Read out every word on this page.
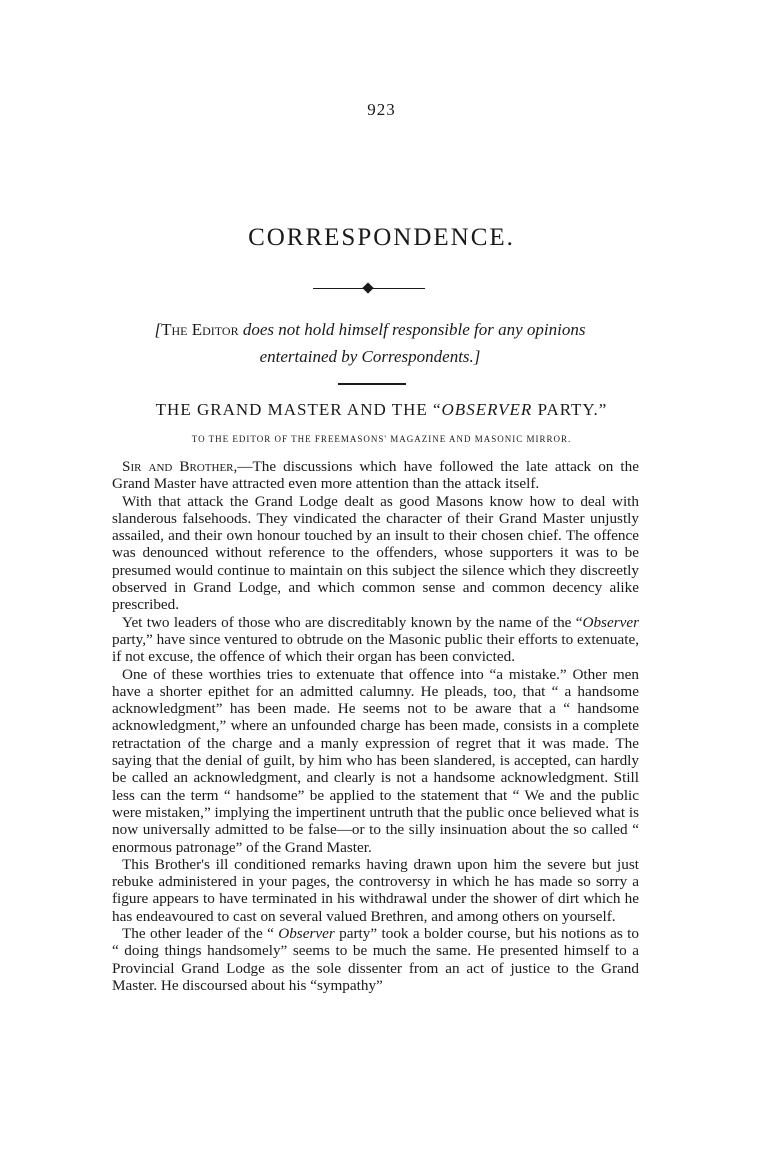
923
CORRESPONDENCE.
[The Editor does not hold himself responsible for any opinions entertained by Correspondents.]
THE GRAND MASTER AND THE “OBSERVER PARTY.”
TO THE EDITOR OF THE FREEMASONS' MAGAZINE AND MASONIC MIRROR.

Sir and Brother,—The discussions which have followed the late attack on the Grand Master have attracted even more attention than the attack itself.

With that attack the Grand Lodge dealt as good Masons know how to deal with slanderous falsehoods. They vindicated the character of their Grand Master unjustly assailed, and their own honour touched by an insult to their chosen chief. The offence was denounced without reference to the offenders, whose supporters it was to be presumed would continue to maintain on this subject the silence which they discreetly observed in Grand Lodge, and which common sense and common decency alike prescribed.

Yet two leaders of those who are discreditably known by the name of the “Observer party,” have since ventured to obtrude on the Masonic public their efforts to extenuate, if not excuse, the offence of which their organ has been convicted.

One of these worthies tries to extenuate that offence into “a mistake.” Other men have a shorter epithet for an admitted calumny. He pleads, too, that “ a handsome acknowledgment” has been made. He seems not to be aware that a “ handsome acknowledgment,” where an unfounded charge has been made, consists in a complete retractation of the charge and a manly expression of regret that it was made. The saying that the denial of guilt, by him who has been slandered, is accepted, can hardly be called an acknowledgment, and clearly is not a handsome acknowledgment. Still less can the term “ handsome” be applied to the statement that “ We and the public were mistaken,” implying the impertinent untruth that the public once believed what is now universally admitted to be false—or to the silly insinuation about the so called “ enormous patronage” of the Grand Master.

This Brother's ill conditioned remarks having drawn upon him the severe but just rebuke administered in your pages, the controversy in which he has made so sorry a figure appears to have terminated in his withdrawal under the shower of dirt which he has endeavoured to cast on several valued Brethren, and among others on yourself.

The other leader of the “ Observer party” took a bolder course, but his notions as to “ doing things handsomely” seems to be much the same. He presented himself to a Provincial Grand Lodge as the sole dissenter from an act of justice to the Grand Master. He discoursed about his “sympathy”
